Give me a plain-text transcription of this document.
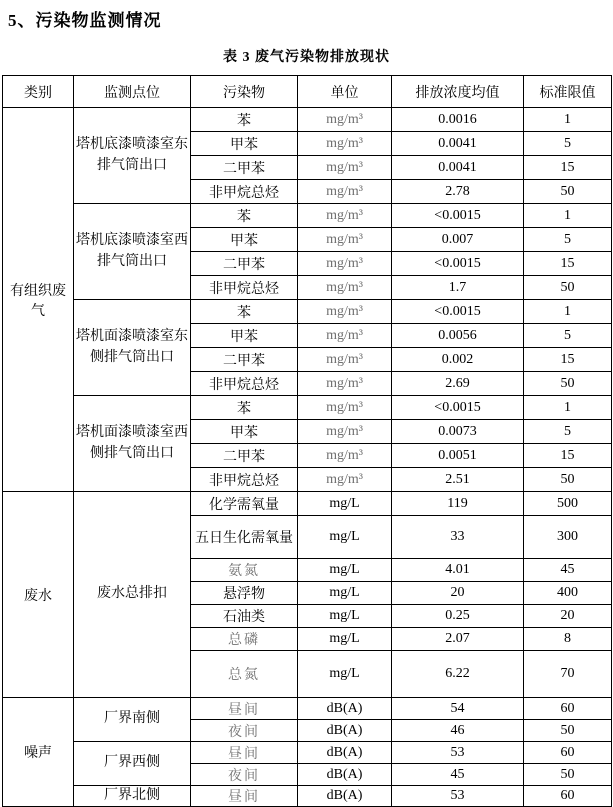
5、污染物监测情况
表 3 废气污染物排放现状
类别	监测点位	污染物	单位	排放浓度均值	标准限值
有组织废气	塔机底漆喷漆室东排气筒出口	苯	mg/m³	0.0016	1
		甲苯	mg/m³	0.0041	5
		二甲苯	mg/m³	0.0041	15
		非甲烷总烃	mg/m³	2.78	50
	塔机底漆喷漆室西排气筒出口	苯	mg/m³	<0.0015	1
		甲苯	mg/m³	0.007	5
		二甲苯	mg/m³	<0.0015	15
		非甲烷总烃	mg/m³	1.7	50
	塔机面漆喷漆室东侧排气筒出口	苯	mg/m³	<0.0015	1
		甲苯	mg/m³	0.0056	5
		二甲苯	mg/m³	0.002	15
		非甲烷总烃	mg/m³	2.69	50
	塔机面漆喷漆室西侧排气筒出口	苯	mg/m³	<0.0015	1
		甲苯	mg/m³	0.0073	5
		二甲苯	mg/m³	0.0051	15
		非甲烷总烃	mg/m³	2.51	50
废水	废水总排扣	化学需氧量	mg/L	119	500
		五日生化需氧量	mg/L	33	300
		氨氮	mg/L	4.01	45
		悬浮物	mg/L	20	400
		石油类	mg/L	0.25	20
		总磷	mg/L	2.07	8
		总氮	mg/L	6.22	70
噪声	厂界南侧	昼间	dB(A)	54	60
		夜间	dB(A)	46	50
	厂界西侧	昼间	dB(A)	53	60
		夜间	dB(A)	45	50
	厂界北侧	昼间	dB(A)	53	60
